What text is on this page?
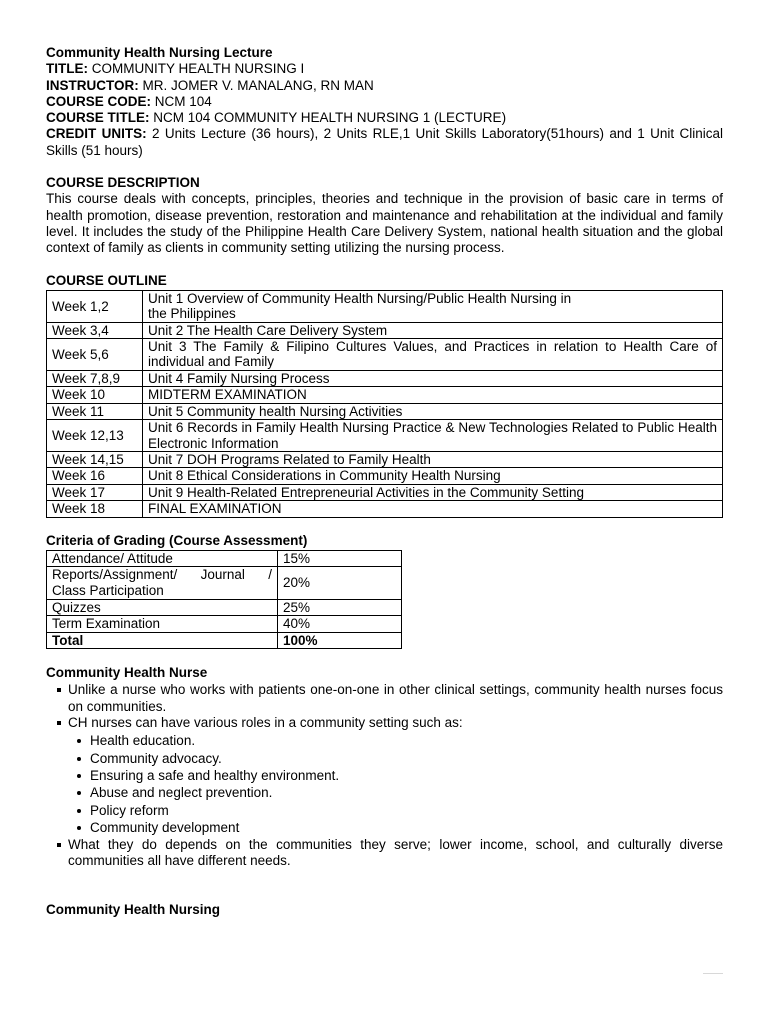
Community Health Nursing Lecture
TITLE: COMMUNITY HEALTH NURSING I
INSTRUCTOR: MR. JOMER V. MANALANG, RN MAN
COURSE CODE: NCM 104
COURSE TITLE: NCM 104 COMMUNITY HEALTH NURSING 1 (LECTURE)
CREDIT UNITS: 2 Units Lecture (36 hours), 2 Units RLE,1 Unit Skills Laboratory(51hours) and 1 Unit Clinical Skills (51 hours)
COURSE DESCRIPTION
This course deals with concepts, principles, theories and technique in the provision of basic care in terms of health promotion, disease prevention, restoration and maintenance and rehabilitation at the individual and family level. It includes the study of the Philippine Health Care Delivery System, national health situation and the global context of family as clients in community setting utilizing the nursing process.
COURSE OUTLINE
Week 1,2	Unit 1 Overview of Community Health Nursing/Public Health Nursing in
the Philippines
Week 3,4	Unit 2 The Health Care Delivery System
Week 5,6	Unit 3 The Family & Filipino Cultures Values, and Practices in relation to Health Care of individual and Family
Week 7,8,9	Unit 4 Family Nursing Process
Week 10	MIDTERM EXAMINATION
Week 11	Unit 5 Community health Nursing Activities
Week 12,13	Unit 6 Records in Family Health Nursing Practice & New Technologies Related to Public Health Electronic Information
Week 14,15	Unit 7 DOH Programs Related to Family Health
Week 16	Unit 8 Ethical Considerations in Community Health Nursing
Week 17	Unit 9 Health-Related Entrepreneurial Activities in the Community Setting
Week 18	FINAL EXAMINATION
Criteria of Grading (Course Assessment)
Attendance/ Attitude	15%

Reports/Assignment/ Journal /
Class Participation	20%
Quizzes	25%
Term Examination	40%
Total	100%
Community Health Nurse
Unlike a nurse who works with patients one-on-one in other clinical settings, community health nurses focus on communities.
CH nurses can have various roles in a community setting such as:
Health education.
Community advocacy.
Ensuring a safe and healthy environment.
Abuse and neglect prevention.
Policy reform
Community development
What they do depends on the communities they serve; lower income, school, and culturally diverse communities all have different needs.
Community Health Nursing
